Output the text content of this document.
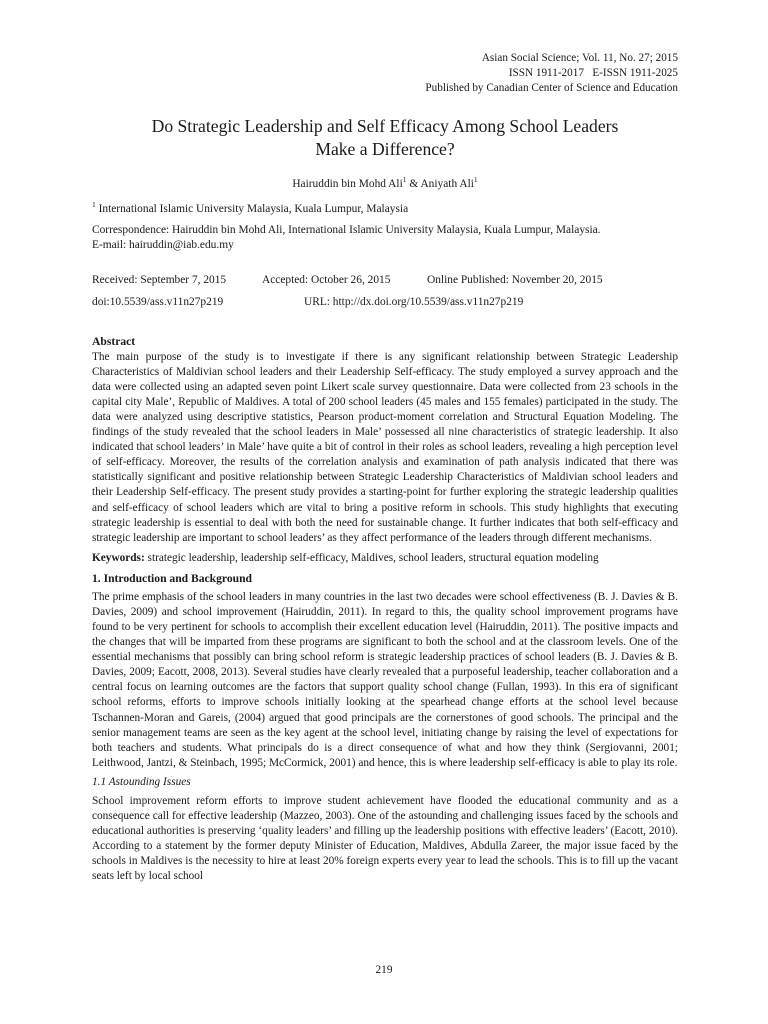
Asian Social Science; Vol. 11, No. 27; 2015
ISSN 1911-2017   E-ISSN 1911-2025
Published by Canadian Center of Science and Education
Do Strategic Leadership and Self Efficacy Among School Leaders
Make a Difference?
Hairuddin bin Mohd Ali$^1$ & Aniyath Ali$^1$
$^1$ International Islamic University Malaysia, Kuala Lumpur, Malaysia
Correspondence: Hairuddin bin Mohd Ali, International Islamic University Malaysia, Kuala Lumpur, Malaysia.
E-mail: hairuddin@iab.edu.my
Received: September 7, 2015	Accepted: October 26, 2015	Online Published: November 20, 2015
doi:10.5539/ass.v11n27p219	URL: http://dx.doi.org/10.5539/ass.v11n27p219
Abstract

The main purpose of the study is to investigate if there is any significant relationship between Strategic Leadership Characteristics of Maldivian school leaders and their Leadership Self-efficacy. The study employed a survey approach and the data were collected using an adapted seven point Likert scale survey questionnaire. Data were collected from 23 schools in the capital city Male’, Republic of Maldives. A total of 200 school leaders (45 males and 155 females) participated in the study. The data were analyzed using descriptive statistics, Pearson product-moment correlation and Structural Equation Modeling. The findings of the study revealed that the school leaders in Male’ possessed all nine characteristics of strategic leadership. It also indicated that school leaders’ in Male’ have quite a bit of control in their roles as school leaders, revealing a high perception level of self-efficacy. Moreover, the results of the correlation analysis and examination of path analysis indicated that there was statistically significant and positive relationship between Strategic Leadership Characteristics of Maldivian school leaders and their Leadership Self-efficacy. The present study provides a starting-point for further exploring the strategic leadership qualities and self-efficacy of school leaders which are vital to bring a positive reform in schools. This study highlights that executing strategic leadership is essential to deal with both the need for sustainable change. It further indicates that both self-efficacy and strategic leadership are important to school leaders’ as they affect performance of the leaders through different mechanisms.

Keywords: strategic leadership, leadership self-efficacy, Maldives, school leaders, structural equation modeling
1. Introduction and Background

The prime emphasis of the school leaders in many countries in the last two decades were school effectiveness (B. J. Davies & B. Davies, 2009) and school improvement (Hairuddin, 2011). In regard to this, the quality school improvement programs have found to be very pertinent for schools to accomplish their excellent education level (Hairuddin, 2011). The positive impacts and the changes that will be imparted from these programs are significant to both the school and at the classroom levels. One of the essential mechanisms that possibly can bring school reform is strategic leadership practices of school leaders (B. J. Davies & B. Davies, 2009; Eacott, 2008, 2013). Several studies have clearly revealed that a purposeful leadership, teacher collaboration and a central focus on learning outcomes are the factors that support quality school change (Fullan, 1993). In this era of significant school reforms, efforts to improve schools initially looking at the spearhead change efforts at the school level because Tschannen-Moran and Gareis, (2004) argued that good principals are the cornerstones of good schools. The principal and the senior management teams are seen as the key agent at the school level, initiating change by raising the level of expectations for both teachers and students. What principals do is a direct consequence of what and how they think (Sergiovanni, 2001; Leithwood, Jantzi, & Steinbach, 1995; McCormick, 2001) and hence, this is where leadership self-efficacy is able to play its role.

1.1 Astounding Issues

School improvement reform efforts to improve student achievement have flooded the educational community and as a consequence call for effective leadership (Mazzeo, 2003). One of the astounding and challenging issues faced by the schools and educational authorities is preserving ‘quality leaders’ and filling up the leadership positions with effective leaders’ (Eacott, 2010). According to a statement by the former deputy Minister of Education, Maldives, Abdulla Zareer, the major issue faced by the schools in Maldives is the necessity to hire at least 20% foreign experts every year to lead the schools. This is to fill up the vacant seats left by local school

219
